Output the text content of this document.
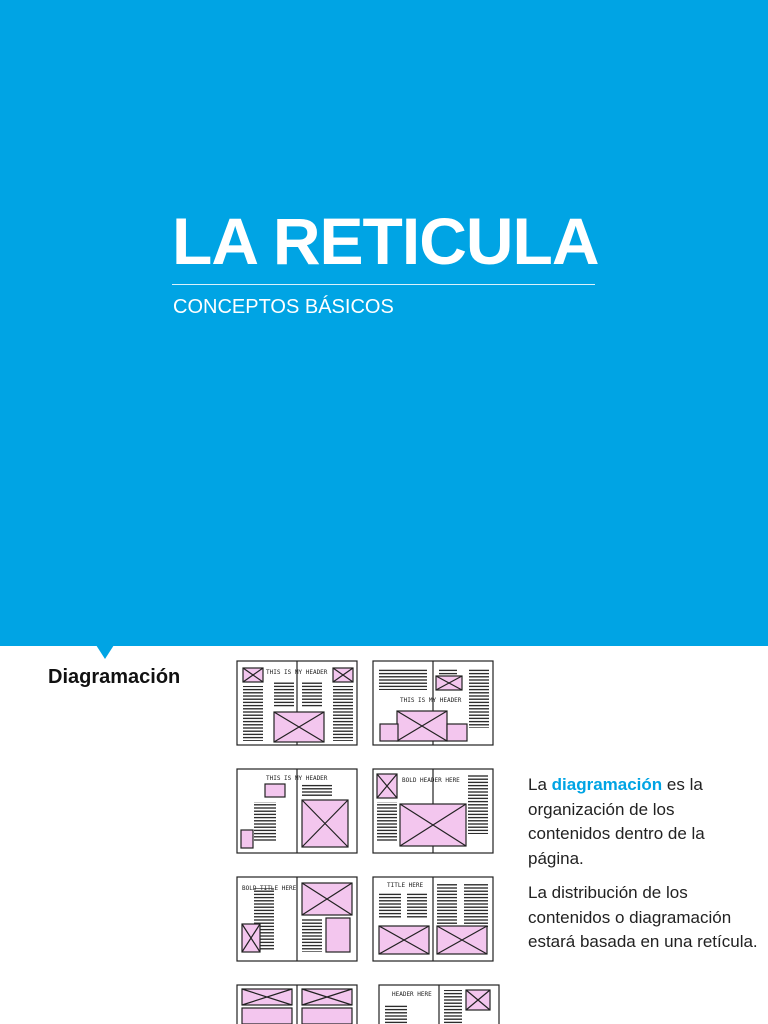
LA RETICULA
CONCEPTOS BÁSICOS
Diagramación	THIS IS MY HEADER
THIS IS MY HEADER
THIS IS MY HEADER	BOLD HEADER HERE
BOLD TITLE HERE	TITLE HERE
HEADER HERE

La diagramación es la organización de los contenidos dentro de la página.

La distribución de los contenidos o diagramación estará basada en una retícula.
